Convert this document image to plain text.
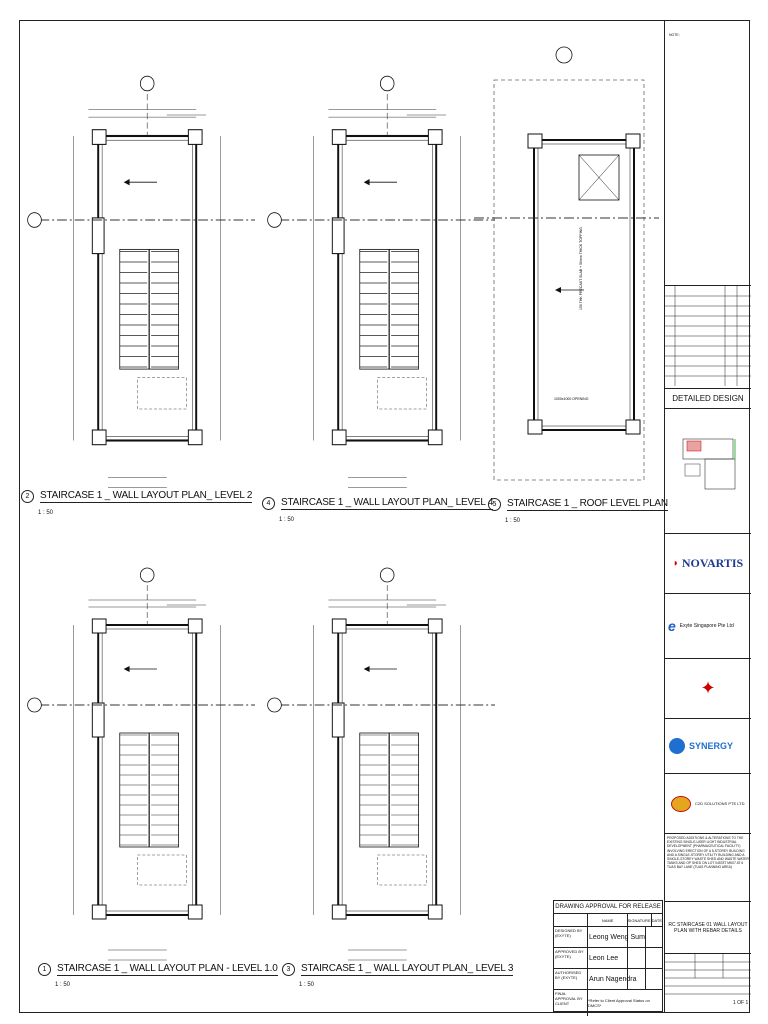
150 THK PRECAST SLAB + 50mm THICK TOPPING
1000x1000 OPENING
2	STAIRCASE 1 _ WALL LAYOUT PLAN_ LEVEL 2
1 : 50
4	STAIRCASE 1 _ WALL LAYOUT PLAN_ LEVEL 4
1 : 50
5	STAIRCASE 1 _ ROOF LEVEL PLAN
1 : 50
1	STAIRCASE 1 _ WALL LAYOUT PLAN - LEVEL 1.0
1 : 50
3	STAIRCASE 1 _ WALL LAYOUT PLAN_ LEVEL 3
1 : 50
DRAWING APPROVAL FOR RELEASE
NAME	SIGNATURE DATE
DESIGNED BY (EXYTE)	Leong Weng Sum
APPROVED BY (EXYTE)	Leon Lee
AUTHORISED BY (EXYTE)	Arun Nagendra
FINAL APPROVAL BY CLIENT
*Refer to Client Approval Status on DMCS*
NOTE:
DETAILED DESIGN
◗ NOVARTIS
e Exyte Singapore Pte Ltd
✦
SYNERGY
C2D SOLUTIONS PTE LTD
PROPOSED ADDITIONS & ALTERATIONS TO THE EXISTING SINGLE-USER LIGHT INDUSTRIAL DEVELOPMENT (PHARMACEUTICAL FACILITY) INVOLVING ERECTION OF A 5-STOREY BUILDING AND A SINGLE-STOREY UTILITY BUILDING AND A SINGLE-STOREY WASTE SHED AND WASTE WATER TANKS AND OP SHED ON LOT 04578T MK07 AT 6 TUAS BAY LANE (TUAS PLANNING AREA)
RC STAIRCASE 01 WALL LAYOUT PLAN WITH REBAR DETAILS
1 OF 1
